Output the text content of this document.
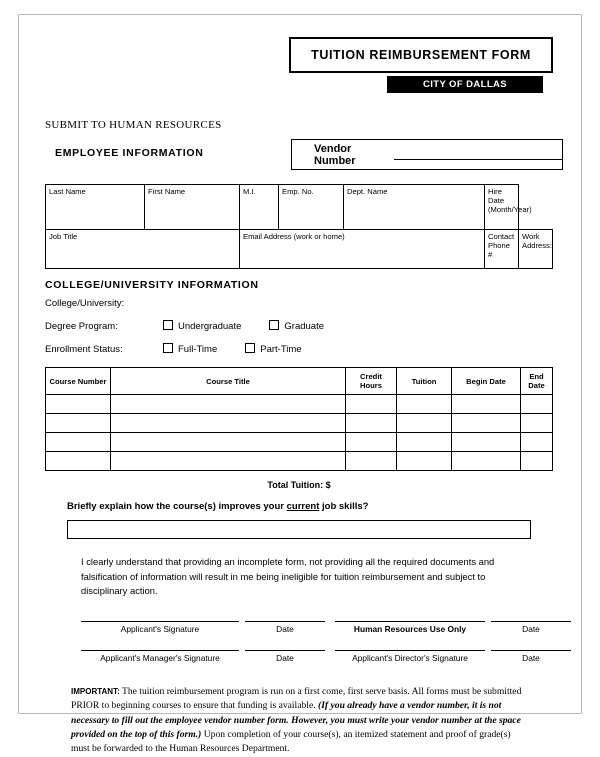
TUITION REIMBURSEMENT FORM
CITY OF DALLAS
SUBMIT TO HUMAN RESOURCES
EMPLOYEE INFORMATION	Vendor Number
Last Name	First Name	M.I.	Emp. No.	Dept. Name	Hire Date (Month/Year)	
Job Title		Email Address (work or home)			Contact Phone #	Work Address:
COLLEGE/UNIVERSITY INFORMATION
College/University:
Degree Program:	Undergraduate	Graduate
Enrollment Status:	Full-Time	Part-Time
Course Number	Course Title	Credit Hours	Tuition	Begin Date	End Date

Total Tuition: $
Briefly explain how the course(s) improves your current job skills?
I clearly understand that providing an incomplete form, not providing all the required documents and falsification of information will result in me being ineligible for tuition reimbursement and subject to disciplinary action.
Applicant's Signature	Date	Human Resources Use Only	Date
Applicant's Manager's Signature	Date	Applicant's Director's Signature	Date
IMPORTANT: The tuition reimbursement program is run on a first come, first serve basis. All forms must be submitted PRIOR to beginning courses to ensure that funding is available. (If you already have a vendor number, it is not necessary to fill out the employee vendor number form. However, you must write your vendor number at the space provided on the top of this form.) Upon completion of your course(s), an itemized statement and proof of grade(s) must be forwarded to the Human Resources Department.
